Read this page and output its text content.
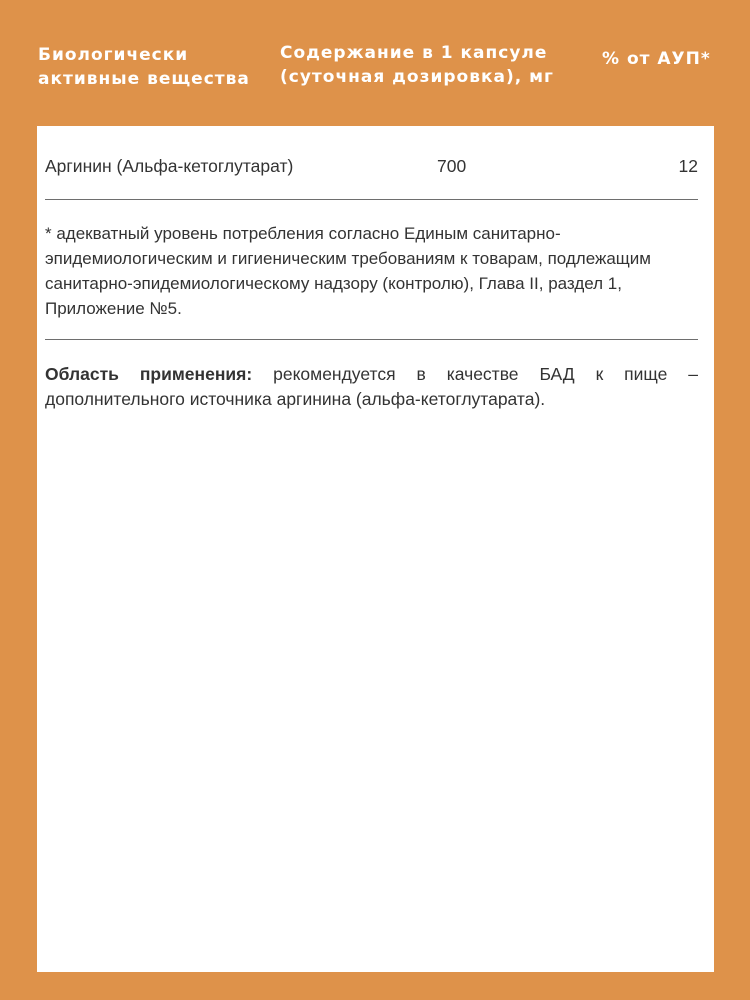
Биологически
активные вещества
Содержание в 1 капсуле
(суточная дозировка), мг
% от АУП*
Аргинин (Альфа-кетоглутарат)	700	12
* адекватный уровень потребления согласно Единым санитарно-эпидемиологическим и гигиеническим требованиям к товарам, подлежащим санитарно-эпидемиологическому надзору (контролю), Глава II, раздел 1, Приложение №5.
Область применения: рекомендуется в качестве БАД к пище – дополнительного источника аргинина (альфа-кетоглутарата).
